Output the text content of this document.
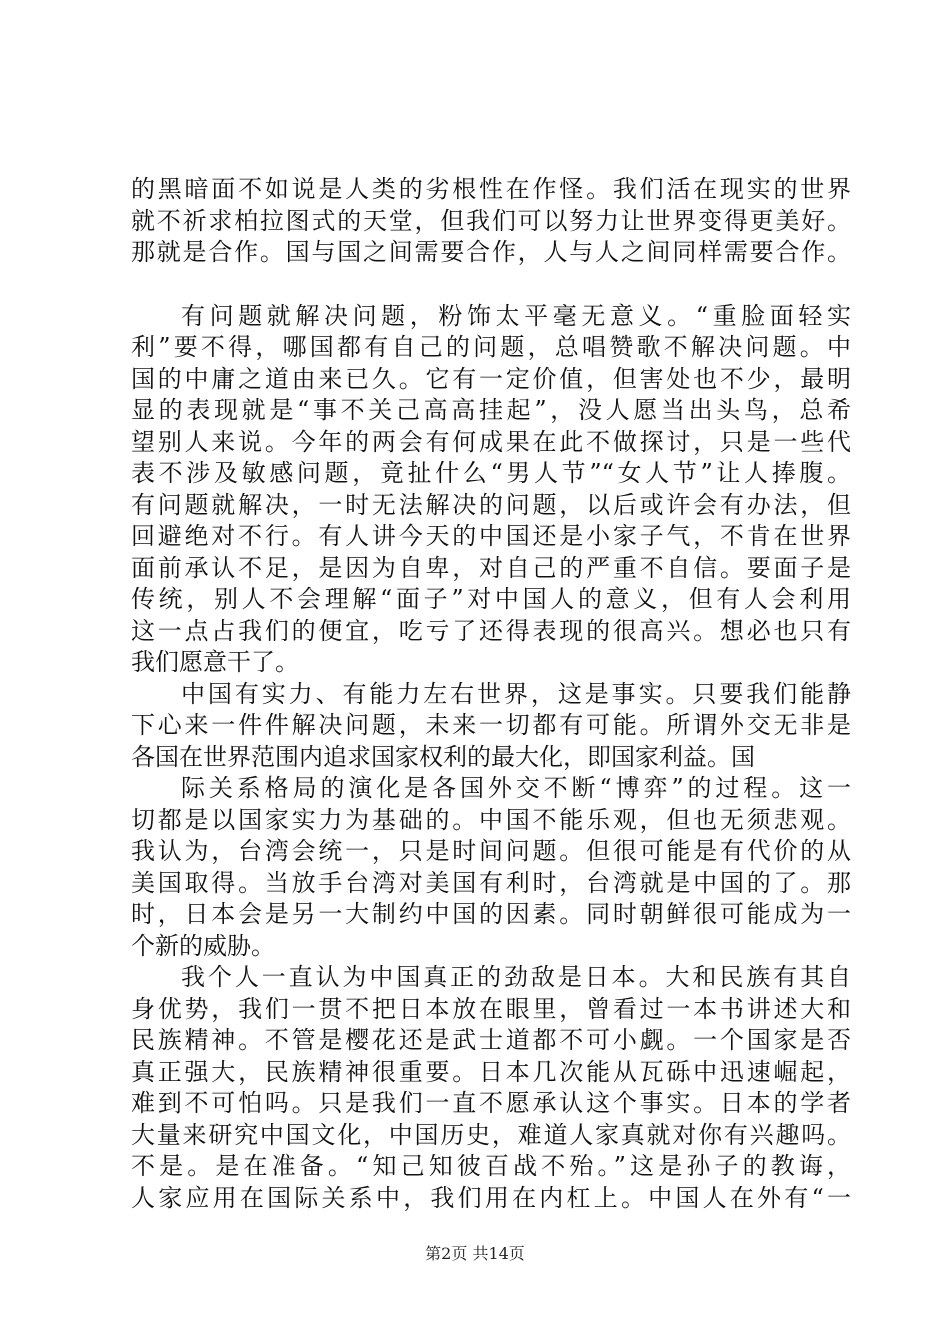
的黑暗面不如说是人类的劣根性在作怪。我们活在现实的世界
就不祈求柏拉图式的天堂，但我们可以努力让世界变得更美好。
那就是合作。国与国之间需要合作，人与人之间同样需要合作。
有问题就解决问题，粉饰太平毫无意义。“重脸面轻实
利”要不得，哪国都有自己的问题，总唱赞歌不解决问题。中
国的中庸之道由来已久。它有一定价值，但害处也不少，最明
显的表现就是“事不关己高高挂起”，没人愿当出头鸟，总希
望别人来说。今年的两会有何成果在此不做探讨，只是一些代
表不涉及敏感问题，竟扯什么“男人节”“女人节”让人捧腹。
有问题就解决，一时无法解决的问题，以后或许会有办法，但
回避绝对不行。有人讲今天的中国还是小家子气，不肯在世界
面前承认不足，是因为自卑，对自己的严重不自信。要面子是
传统，别人不会理解“面子”对中国人的意义，但有人会利用
这一点占我们的便宜，吃亏了还得表现的很高兴。想必也只有
我们愿意干了。
中国有实力、有能力左右世界，这是事实。只要我们能静
下心来一件件解决问题，未来一切都有可能。所谓外交无非是
各国在世界范围内追求国家权利的最大化，即国家利益。国
际关系格局的演化是各国外交不断“博弈”的过程。这一
切都是以国家实力为基础的。中国不能乐观，但也无须悲观。
我认为，台湾会统一，只是时间问题。但很可能是有代价的从
美国取得。当放手台湾对美国有利时，台湾就是中国的了。那
时，日本会是另一大制约中国的因素。同时朝鲜很可能成为一
个新的威胁。
我个人一直认为中国真正的劲敌是日本。大和民族有其自
身优势，我们一贯不把日本放在眼里，曾看过一本书讲述大和
民族精神。不管是樱花还是武士道都不可小觑。一个国家是否
真正强大，民族精神很重要。日本几次能从瓦砾中迅速崛起，
难到不可怕吗。只是我们一直不愿承认这个事实。日本的学者
大量来研究中国文化，中国历史，难道人家真就对你有兴趣吗。
不是。是在准备。“知己知彼百战不殆。”这是孙子的教诲，
人家应用在国际关系中，我们用在内杠上。中国人在外有“一
第2页 共14页
